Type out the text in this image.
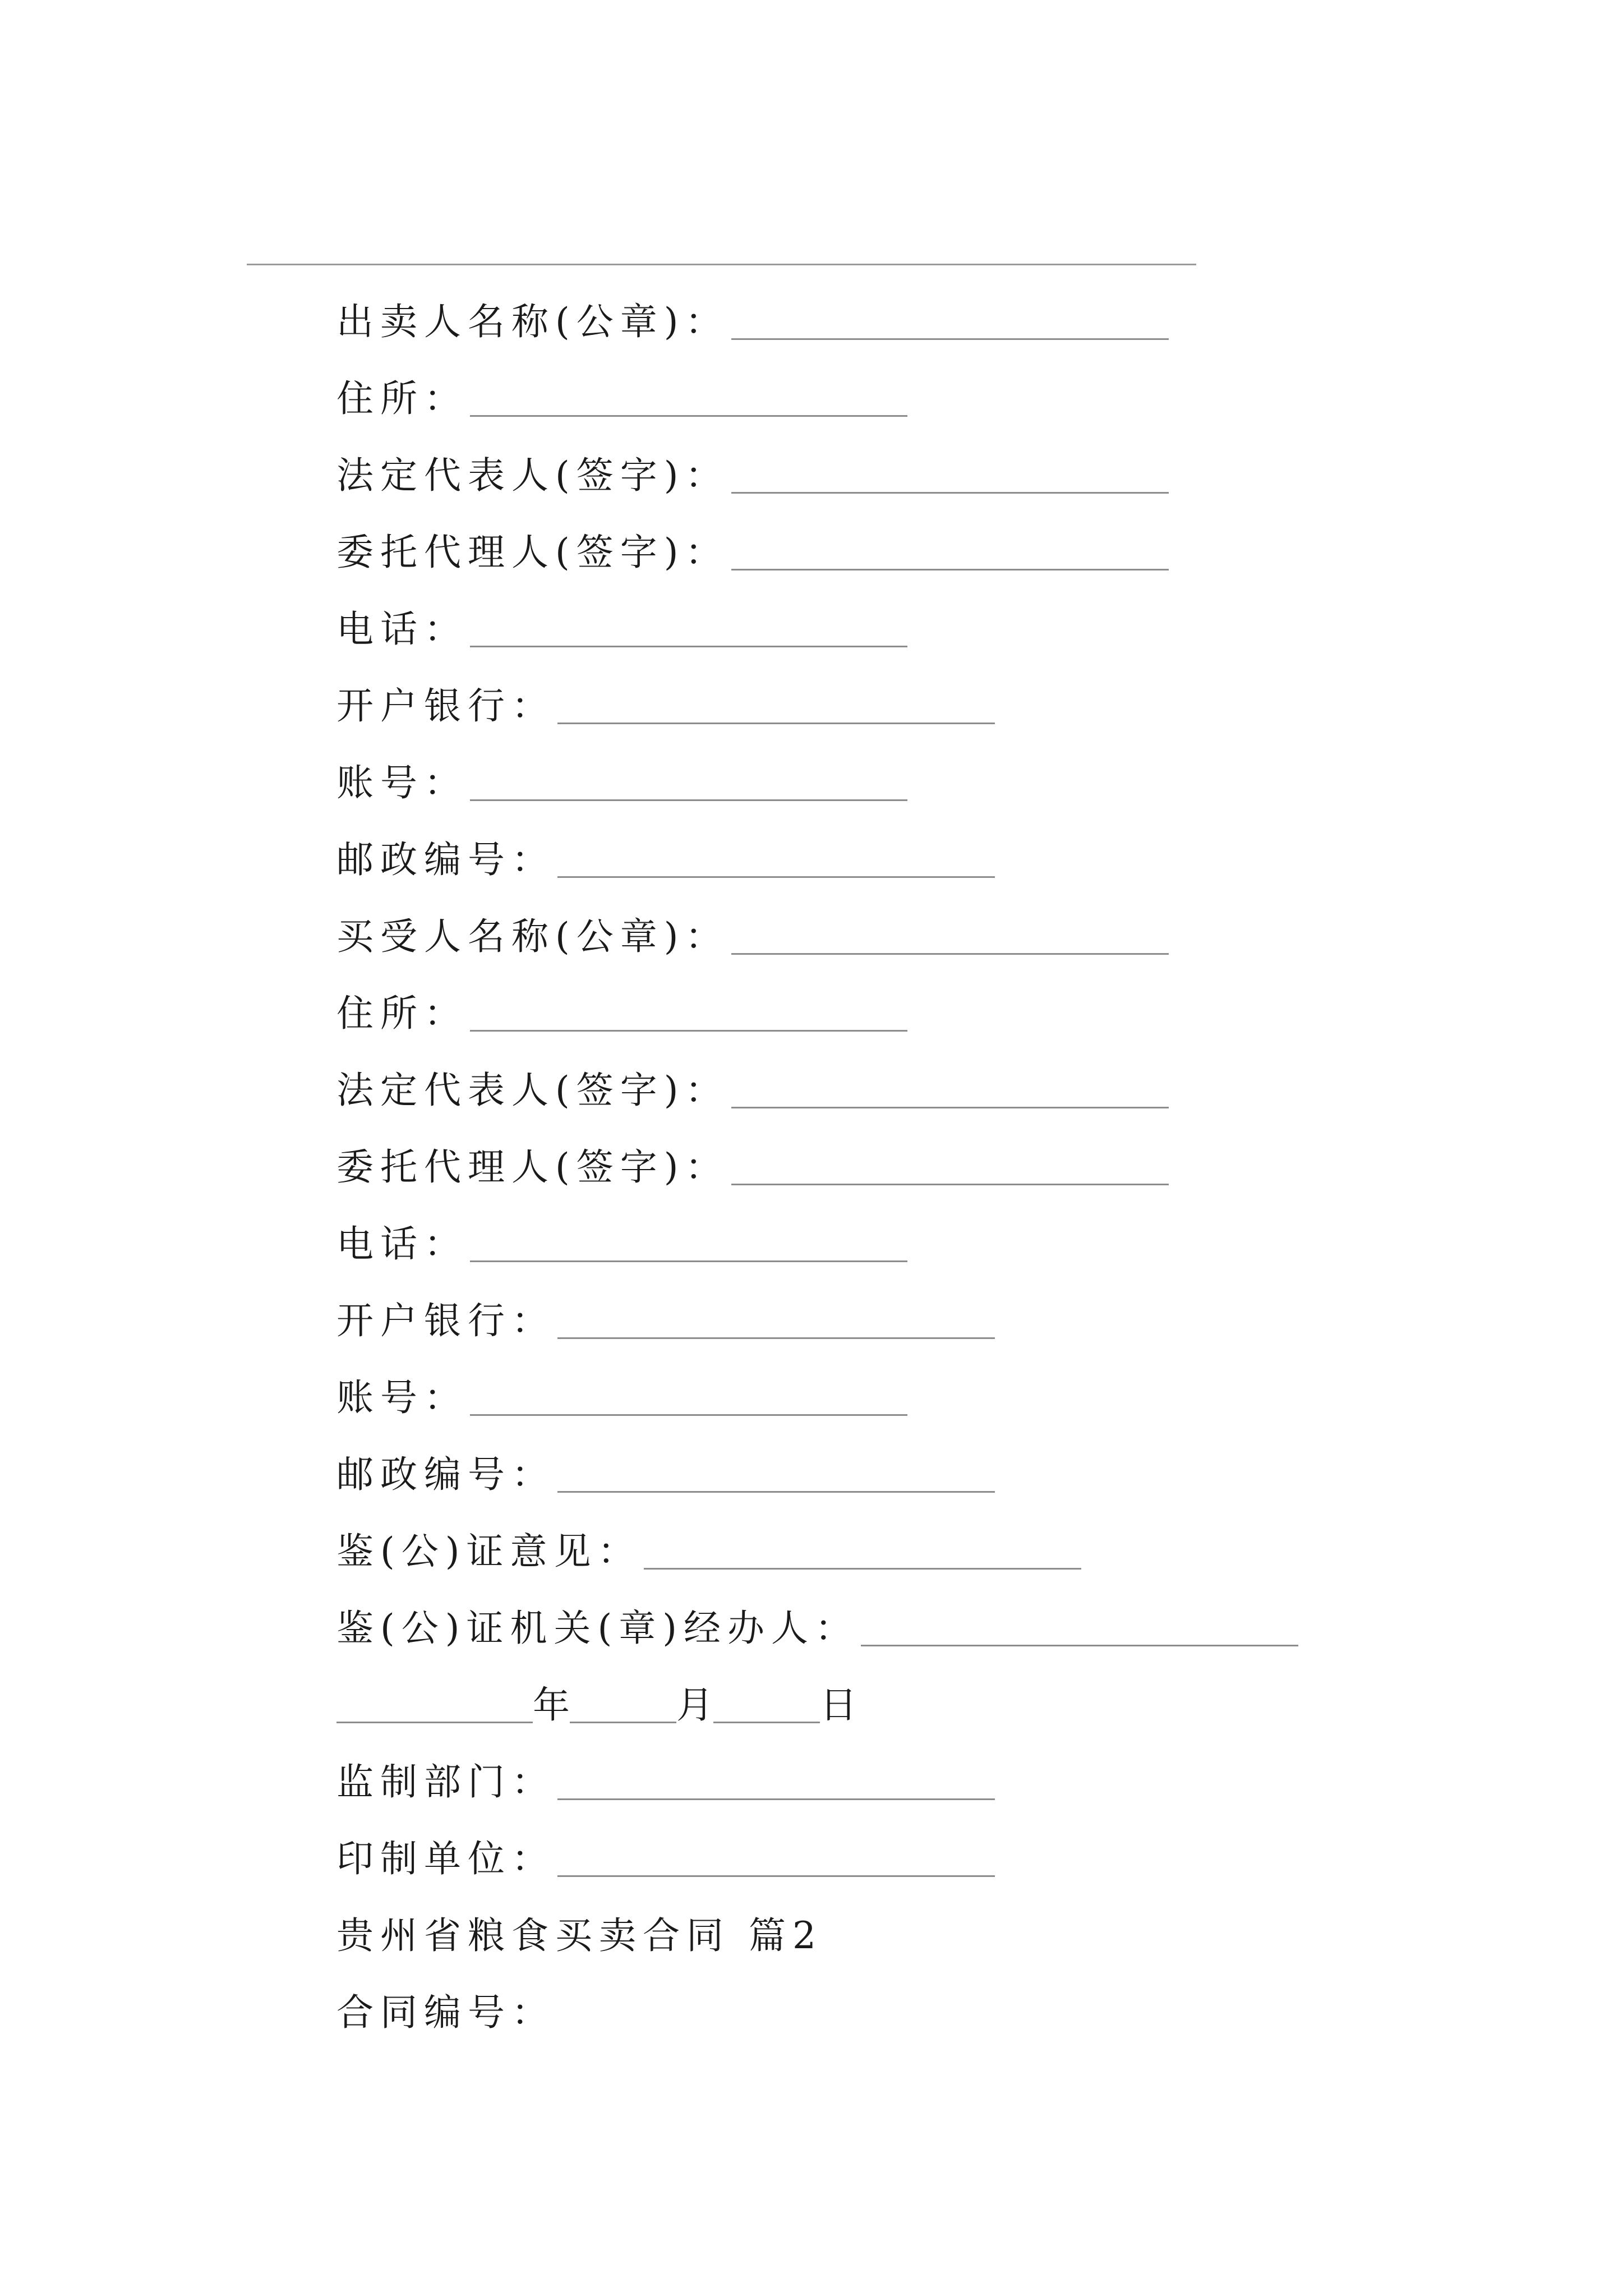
出卖人名称(公章)：
住所：
法定代表人(签字)：
委托代理人(签字)：
电话：
开户银行：
账号：
邮政编号：
买受人名称(公章)：
住所：
法定代表人(签字)：
委托代理人(签字)：
电话：
开户银行：
账号：
邮政编号：
鉴(公)证意见：
鉴(公)证机关(章)经办人：
年	月	日
监制部门：
印制单位：
贵州省粮食买卖合同 篇2
合同编号：
